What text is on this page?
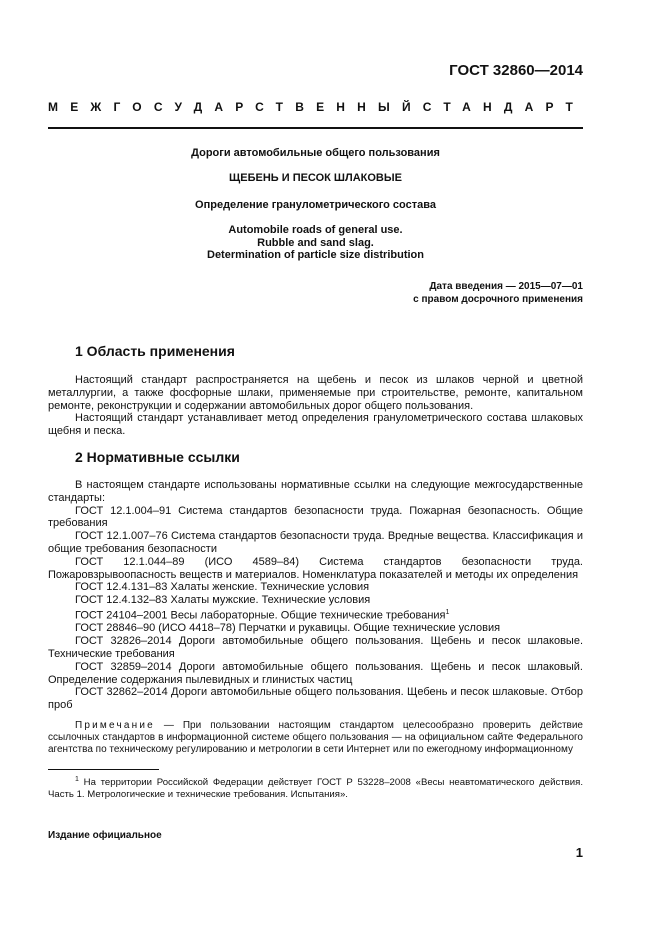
ГОСТ 32860—2014
МЕЖГОСУДАРСТВЕННЫЙ СТАНДАРТ
Дороги автомобильные общего пользования
ЩЕБЕНЬ И ПЕСОК ШЛАКОВЫЕ
Определение гранулометрического состава
Automobile roads of general use.
Rubble and sand slag.
Determination of particle size distribution
Дата введения — 2015—07—01
с правом досрочного применения
1 Область применения

Настоящий стандарт распространяется на щебень и песок из шлаков черной и цветной металлургии, а также фосфорные шлаки, применяемые при строительстве, ремонте, капитальном ремонте, реконструкции и содержании автомобильных дорог общего пользования.

Настоящий стандарт устанавливает метод определения гранулометрического состава шлаковых щебня и песка.

2 Нормативные ссылки

В настоящем стандарте использованы нормативные ссылки на следующие межгосударственные стандарты:

ГОСТ 12.1.004–91 Система стандартов безопасности труда. Пожарная безопасность. Общие требования

ГОСТ 12.1.007–76 Система стандартов безопасности труда. Вредные вещества. Классификация и общие требования безопасности

ГОСТ 12.1.044–89 (ИСО 4589–84) Система стандартов безопасности труда. Пожаровзрывоопасность веществ и материалов. Номенклатура показателей и методы их определения

ГОСТ 12.4.131–83 Халаты женские. Технические условия

ГОСТ 12.4.132–83 Халаты мужские. Технические условия

ГОСТ 24104–2001 Весы лабораторные. Общие технические требования$^1$

ГОСТ 28846–90 (ИСО 4418–78) Перчатки и рукавицы. Общие технические условия

ГОСТ 32826–2014 Дороги автомобильные общего пользования. Щебень и песок шлаковые. Технические требования

ГОСТ 32859–2014 Дороги автомобильные общего пользования. Щебень и песок шлаковый. Определение содержания пылевидных и глинистых частиц

ГОСТ 32862–2014 Дороги автомобильные общего пользования. Щебень и песок шлаковые. Отбор проб

Примечание — При пользовании настоящим стандартом целесообразно проверить действие ссылочных стандартов в информационной системе общего пользования — на официальном сайте Федерального агентства по техническому регулированию и метрологии в сети Интернет или по ежегодному информационному

$^1$ На территории Российской Федерации действует ГОСТ Р 53228–2008 «Весы неавтоматического действия. Часть 1. Метрологические и технические требования. Испытания».

Издание официальное
1
